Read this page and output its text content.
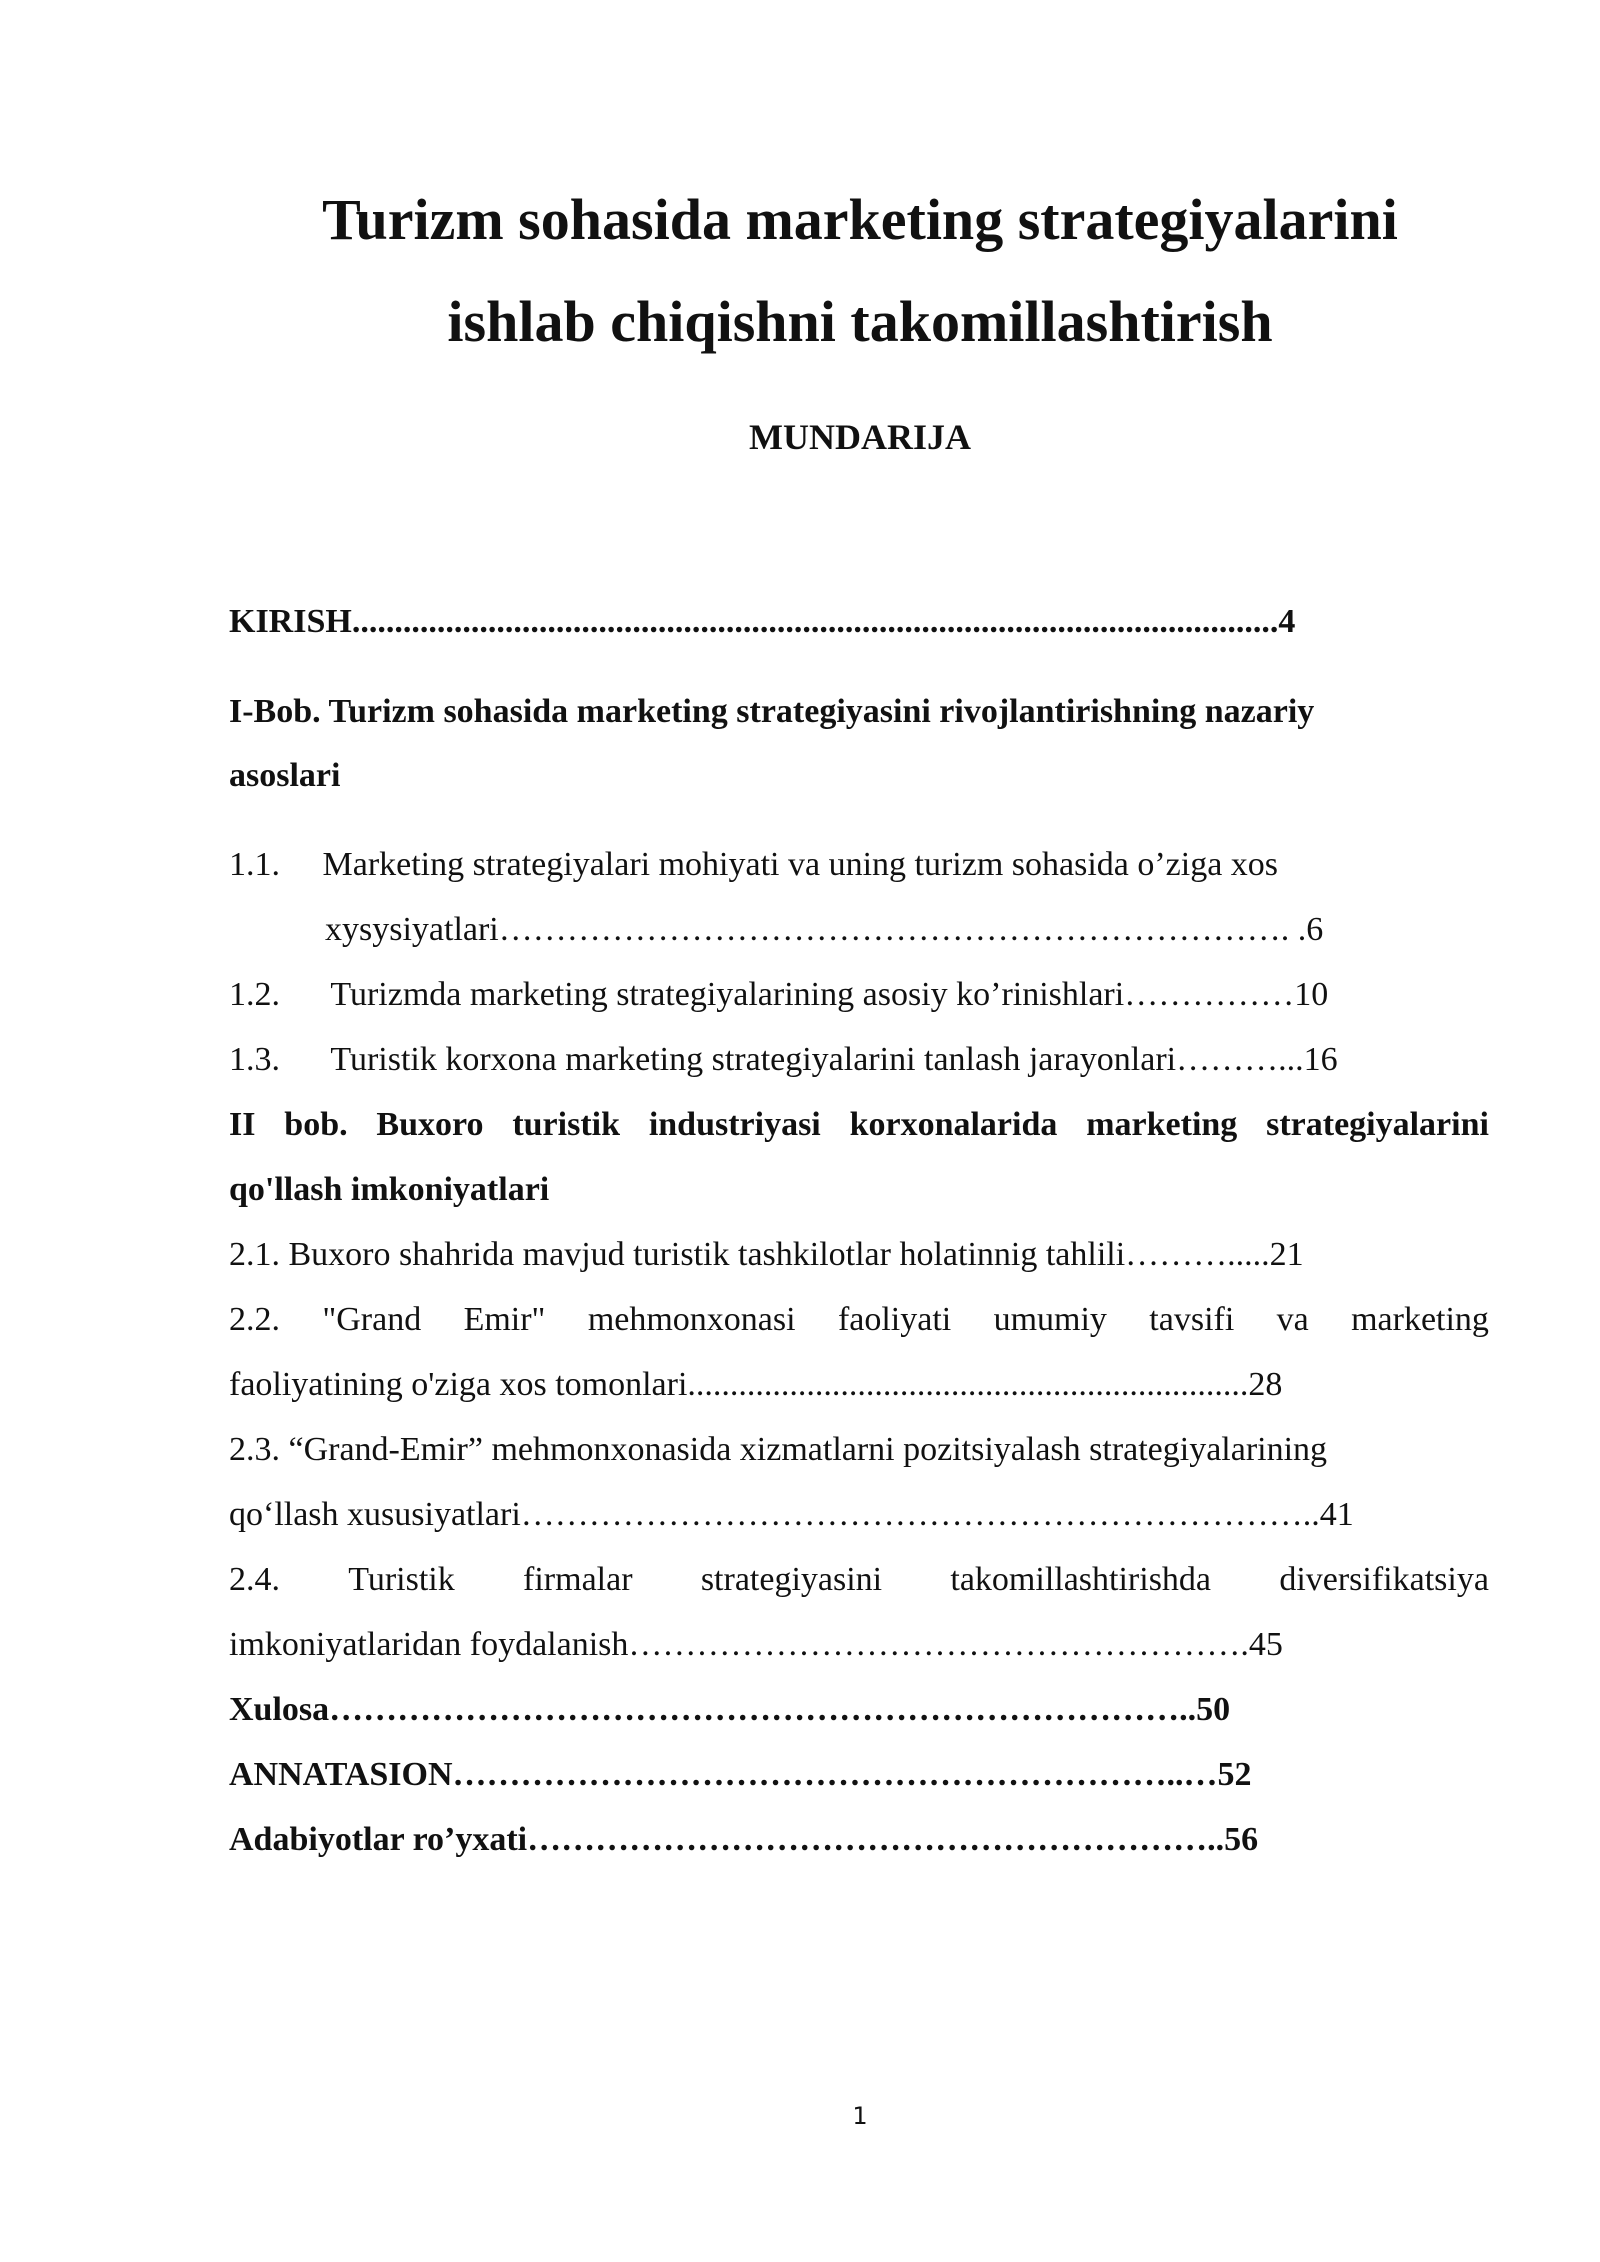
Turizm sohasida marketing strategiyalarini
ishlab chiqishni takomillashtirish
MUNDARIJA
KIRISH.............................................................................................................4
I-Bob. Turizm sohasida marketing strategiyasini rivojlantirishning nazariy
asoslari
1.1.     Marketing strategiyalari mohiyati va uning turizm sohasida o’ziga xos
xysysiyatlari……………………………………………………………. .6
1.2.      Turizmda marketing strategiyalarining asosiy ko’rinishlari……………10
1.3.      Turistik korxona marketing strategiyalarini tanlash jarayonlari………...16
II bob. Buxoro turistik industriyasi korxonalarida marketing strategiyalarini
qo'llash imkoniyatlari
2.1. Buxoro shahrida mavjud turistik tashkilotlar holatinnig tahlili……….....21
2.2. "Grand Emir" mehmonxonasi faoliyati umumiy tavsifi va marketing
faoliyatining o'ziga xos tomonlari..................................................................28
2.3. “Grand-Emir” mehmonxonasida xizmatlarni pozitsiyalash strategiyalarining
qo‘llash xususiyatlari……………………………………………………………..41
2.4. Turistik firmalar strategiyasini takomillashtirishda diversifikatsiya
imkoniyatlaridan foydalanish……………………………………………….45
Xulosa…………………………………………………………………..50
ANNATASION………………………………………………………..…52
Adabiyotlar ro’yxati……………………………………………………..56
1
